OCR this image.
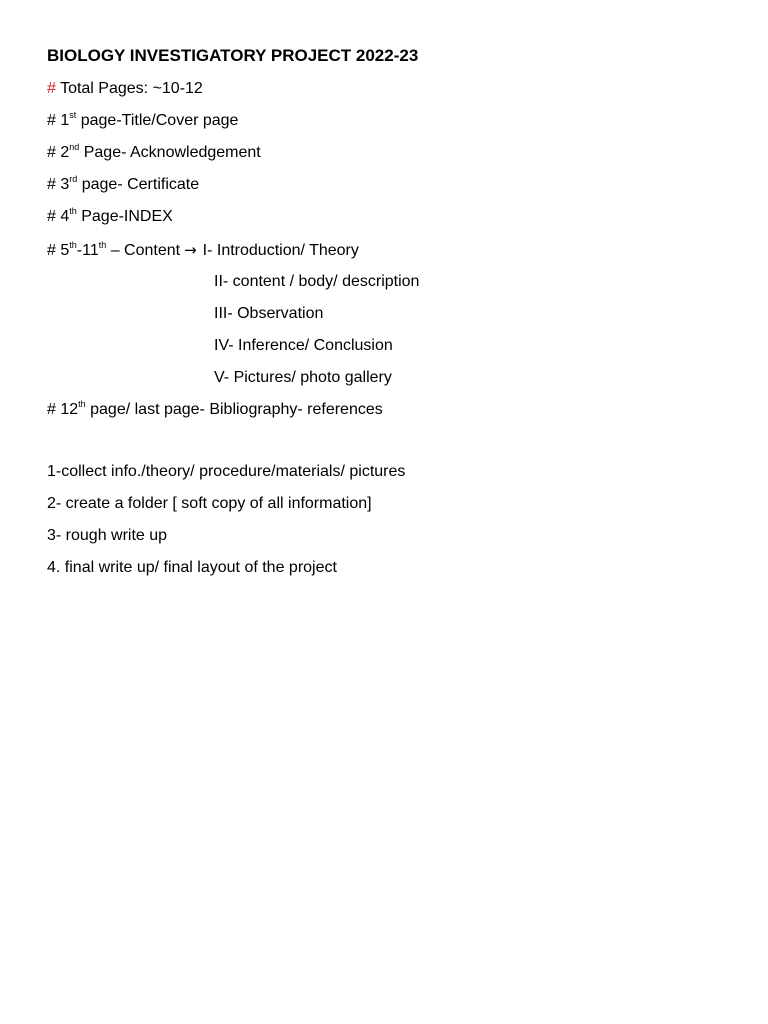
BIOLOGY INVESTIGATORY PROJECT 2022-23
# Total Pages: ~10-12
# 1st page-Title/Cover page
# 2nd Page- Acknowledgement
# 3rd page- Certificate
# 4th Page-INDEX
# 5th-11th – Content → I- Introduction/ Theory
II- content / body/ description
III- Observation
IV- Inference/ Conclusion
V- Pictures/ photo gallery
# 12th page/ last page- Bibliography- references
1-collect info./theory/ procedure/materials/ pictures
2- create a folder [ soft copy of all information]
3- rough write up
4. final write up/ final layout of the project
